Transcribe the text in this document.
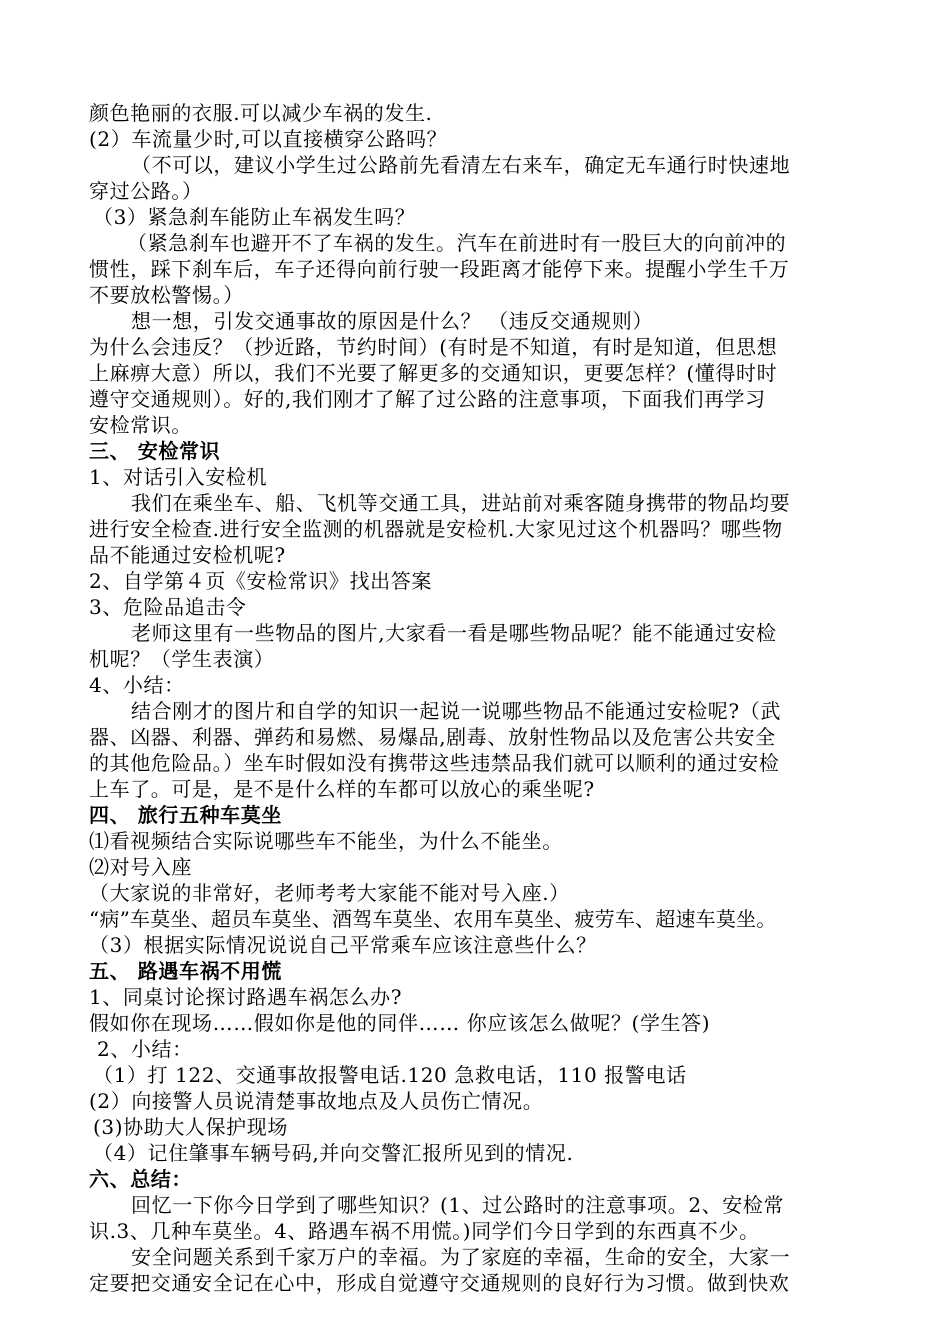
颜色艳丽的衣服.可以减少车祸的发生.
(2）车流量少时,可以直接横穿公路吗？
（不可以，建议小学生过公路前先看清左右来车，确定无车通行时快速地
穿过公路。）
（3）紧急刹车能防止车祸发生吗？
（紧急刹车也避开不了车祸的发生。汽车在前进时有一股巨大的向前冲的
惯性，踩下刹车后，车子还得向前行驶一段距离才能停下来。提醒小学生千万
不要放松警惕。）
想一想，引发交通事故的原因是什么？ （违反交通规则）
为什么会违反？（抄近路，节约时间）(有时是不知道，有时是知道，但思想
上麻痹大意）所以，我们不光要了解更多的交通知识，更要怎样？(懂得时时
遵守交通规则）。好的,我们刚才了解了过公路的注意事项，下面我们再学习
安检常识。
三、 安检常识
1、对话引入安检机
我们在乘坐车、船、飞机等交通工具，进站前对乘客随身携带的物品均要
进行安全检查.进行安全监测的机器就是安检机.大家见过这个机器吗？哪些物
品不能通过安检机呢?
2、自学第４页《安检常识》找出答案
3、危险品追击令
老师这里有一些物品的图片,大家看一看是哪些物品呢？能不能通过安检
机呢？（学生表演）
4、小结：
结合刚才的图片和自学的知识一起说一说哪些物品不能通过安检呢?（武
器、凶器、利器、弹药和易燃、易爆品,剧毒、放射性物品以及危害公共安全
的其他危险品。）坐车时假如没有携带这些违禁品我们就可以顺利的通过安检
上车了。可是，是不是什么样的车都可以放心的乘坐呢?
四、 旅行五种车莫坐
⑴看视频结合实际说哪些车不能坐，为什么不能坐。
⑵对号入座
（大家说的非常好，老师考考大家能不能对号入座.）
“病”车莫坐、超员车莫坐、酒驾车莫坐、农用车莫坐、疲劳车、超速车莫坐。
（3）根据实际情况说说自己平常乘车应该注意些什么？
五、 路遇车祸不用慌
1、同桌讨论探讨路遇车祸怎么办?
假如你在现场……假如你是他的同伴…… 你应该怎么做呢？(学生答)
2、小结：
（1）打 122、交通事故报警电话.120 急救电话，110 报警电话
(2）向接警人员说清楚事故地点及人员伤亡情况。
(3)协助大人保护现场
（4）记住肇事车辆号码,并向交警汇报所见到的情况.
六、总结：
回忆一下你今日学到了哪些知识？(1、过公路时的注意事项。2、安检常
识.3、几种车莫坐。4、路遇车祸不用慌。)同学们今日学到的东西真不少。
安全问题关系到千家万户的幸福。为了家庭的幸福，生命的安全，大家一
定要把交通安全记在心中，形成自觉遵守交通规则的良好行为习惯。做到快欢
